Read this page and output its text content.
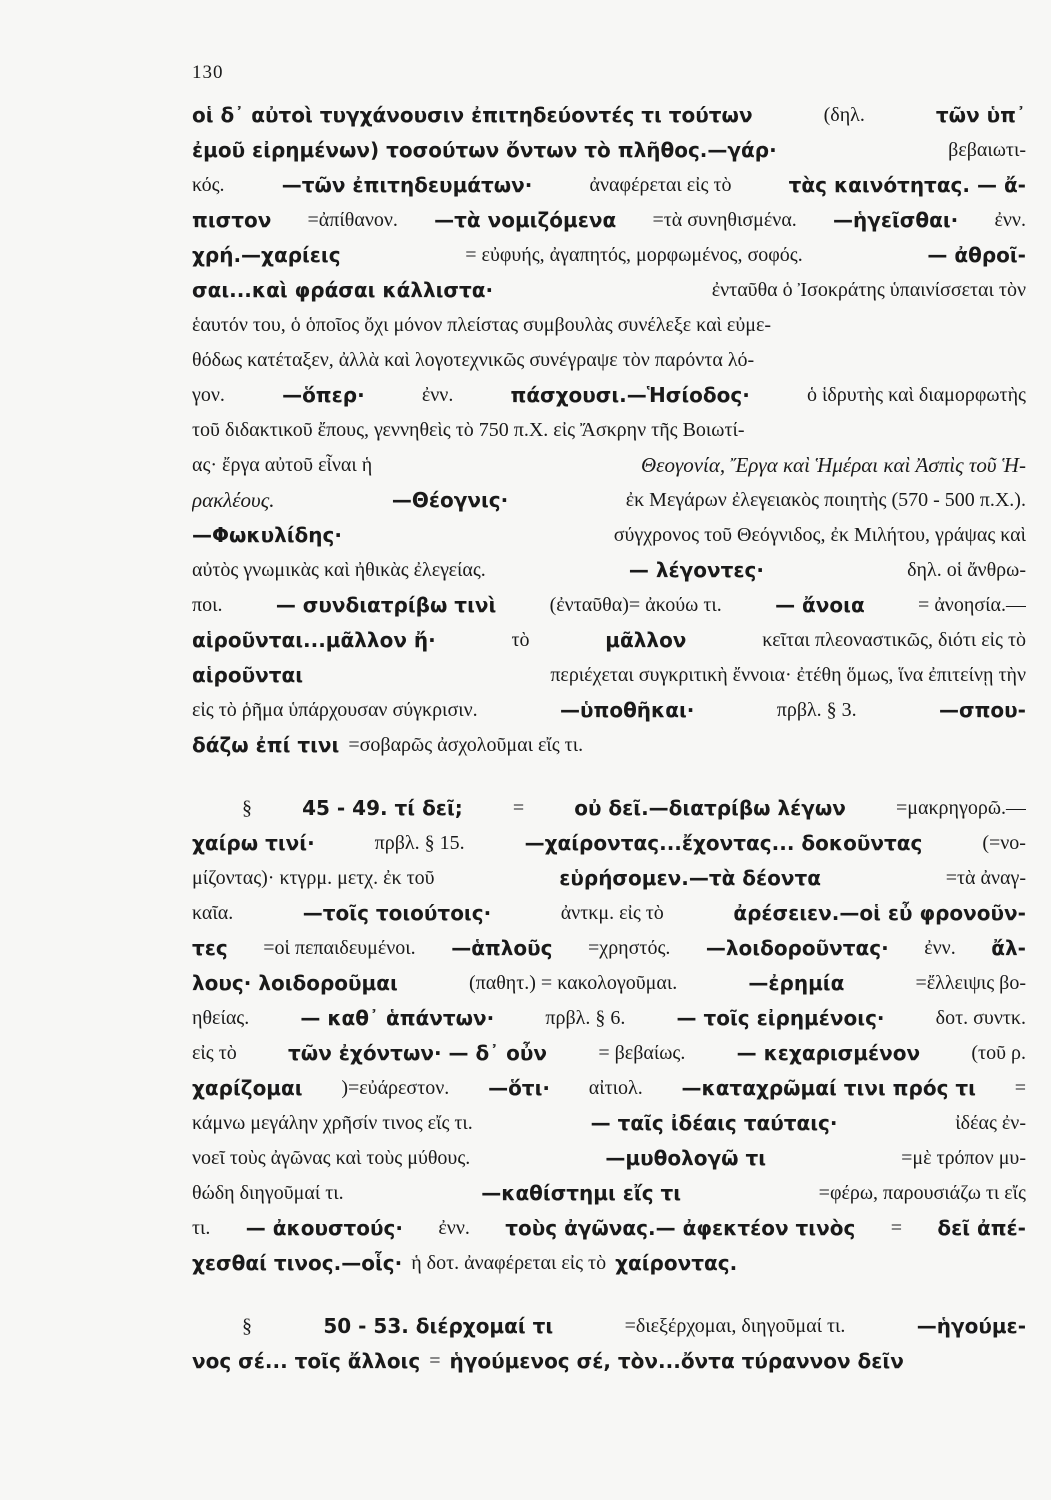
130
οἱ δ᾽ αὐτοὶ τυγχάνουσιν ἐπιτηδεύοντές τι τούτων	(δηλ.	τῶν ὑπ᾽
ἐμοῦ εἰρημένων) τοσούτων ὄντων τὸ πλῆθος.—γάρ·	βεβαιωτι-
κός.	—τῶν ἐπιτηδευμάτων·	ἀναφέρεται εἰς τὸ	τὰς καινότητας. — ἄ-
πιστον =ἀπίθανον. —τὰ νομιζόμενα =τὰ συνηθισμένα. —ἡγεῖσθαι· ἐνν.
χρή.—χαρίεις	= εὐφυής, ἀγαπητός, μορφωμένος, σοφός.	— ἀθροῖ-
σαι...καὶ φράσαι κάλλιστα·	ἐνταῦθα ὁ Ἰσοκράτης ὑπαινίσσεται τὸν
ἑαυτόν του, ὁ ὁποῖος ὄχι μόνον πλείστας συμβουλὰς συνέλεξε καὶ εὐμε-
θόδως κατέταξεν, ἀλλὰ καὶ λογοτεχνικῶς συνέγραψε τὸν παρόντα λό-
γον.	—ὅπερ·	ἐνν.	πάσχουσι.—Ἡσίοδος·	ὁ ἱδρυτὴς καὶ διαμορφωτὴς
τοῦ διδακτικοῦ ἔπους, γεννηθεὶς τὸ 750 π.Χ. εἰς Ἄσκρην τῆς Βοιωτί-
ας· ἔργα αὐτοῦ εἶναι ἡ	Θεογονία, Ἔργα καὶ Ἡμέραι καὶ Ἀσπὶς τοῦ Ἡ-
ρακλέους.	—Θέογνις·	ἐκ Μεγάρων ἐλεγειακὸς ποιητὴς (570 - 500 π.Χ.).
—Φωκυλίδης·	σύγχρονος τοῦ Θεόγνιδος, ἐκ Μιλήτου, γράψας καὶ
αὐτὸς γνωμικὰς καὶ ἠθικὰς ἐλεγείας.	— λέγοντες·	δηλ. οἱ ἄνθρω-
ποι.	— συνδιατρίβω τινὶ	(ἐνταῦθα)= ἀκούω τι.	— ἄνοια	= ἀνοησία.—
αἱροῦνται...μᾶλλον ἤ·	τὸ	μᾶλλον	κεῖται πλεοναστικῶς, διότι εἰς τὸ
αἱροῦνται	περιέχεται συγκριτικὴ ἔννοια· ἐτέθη ὅμως, ἵνα ἐπιτείνῃ τὴν
εἰς τὸ ῥῆμα ὑπάρχουσαν σύγκρισιν.	—ὑποθῆκαι·	πρβλ. § 3.	—σπου-
δάζω ἐπί τινι =σοβαρῶς ἀσχολοῦμαι εἴς τι.
§	45 - 49. τί δεῖ;	=	οὐ δεῖ.—διατρίβω λέγων	=μακρηγορῶ.—
χαίρω τινί·	πρβλ. § 15.	—χαίροντας...ἔχοντας... δοκοῦντας	(=νο-
μίζοντας)· κτγρμ. μετχ. ἐκ τοῦ	εὑρήσομεν.—τὰ δέοντα	=τὰ ἀναγ-
καῖα.	—τοῖς τοιούτοις·	ἀντκμ. εἰς τὸ	ἀρέσειεν.—οἱ εὖ φρονοῦν-
τες =οἱ πεπαιδευμένοι. —ἁπλοῦς =χρηστός. —λοιδοροῦντας· ἐνν. ἄλ-
λους· λοιδοροῦμαι	(παθητ.) = κακολογοῦμαι.	—ἐρημία	=ἔλλειψις βο-
ηθείας.	— καθ᾽ ἁπάντων·	πρβλ. § 6.	— τοῖς εἰρημένοις·	δοτ. συντκ.
εἰς τὸ	τῶν ἐχόντων· — δ᾽ οὖν	= βεβαίως.	— κεχαρισμένον	(τοῦ ρ.
χαρίζομαι )=εὐάρεστον. —ὅτι· αἰτιολ. —καταχρῶμαί τινι πρός τι =
κάμνω μεγάλην χρῆσίν τινος εἴς τι.	— ταῖς ἰδέαις ταύταις·	ἰδέας ἐν-
νοεῖ τοὺς ἀγῶνας καὶ τοὺς μύθους.	—μυθολογῶ τι	=μὲ τρόπον μυ-
θώδη διηγοῦμαί τι.	—καθίστημι εἴς τι	=φέρω, παρουσιάζω τι εἴς
τι. — ἀκουστούς· ἐνν. τοὺς ἀγῶνας.— ἀφεκτέον τινὸς = δεῖ ἀπέ-
χεσθαί τινος.—οἷς· ἡ δοτ. ἀναφέρεται εἰς τὸ χαίροντας.
§	50 - 53. διέρχομαί τι	=διεξέρχομαι, διηγοῦμαί τι.	—ἡγούμε-
νος σέ... τοῖς ἄλλοις = ἡγούμενος σέ, τὸν...ὄντα τύραννον δεῖν
